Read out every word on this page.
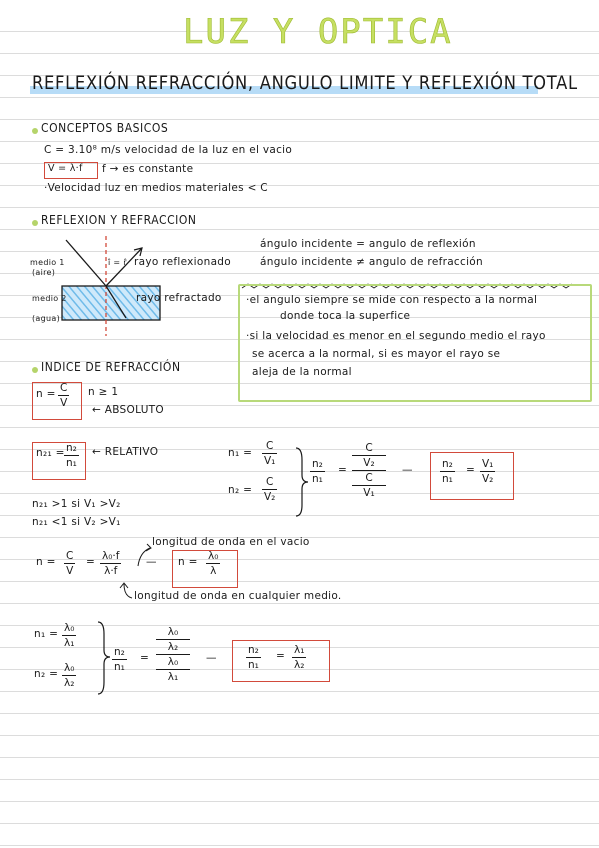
LUZ Y OPTICA
REFLEXIÓN REFRACCIÓN, ANGULO LIMITE Y REFLEXIÓN TOTAL
CONCEPTOS BASICOS
C = 3.10⁸ m/s velocidad de la luz en el vacio
V = λ·f f → es constante
·Velocidad luz en medios materiales < C
REFLEXION Y REFRACCION
medio 1
(aire)
medio 2
(agua)
î = r̂ rayo reflexionado
rayo refractado
ángulo incidente = angulo de reflexión
ángulo incidente ≠ angulo de refracción
·el angulo siempre se mide con respecto a la normal
donde toca la superfice
·si la velocidad es menor en el segundo medio el rayo
se acerca a la normal, si es mayor el rayo se
aleja de la normal
INDICE DE REFRACCIÓN
n = C
V
n ≥ 1
← ABSOLUTO
n₂₁ = n₂
n₁
← RELATIVO	n₁ =
C
V₁
n₂ =
C
V₂
n₂
n₁
=
C
V₂
C
V₁
—	n₂
n₁
= V₁
V₂
n₂₁ >1 si V₁ >V₂
n₂₁ <1 si V₂ >V₁
longitud de onda en el vacio
n = C
V
= λ₀·f
λ·f
— n = λ₀
λ
longitud de onda en cualquier medio.
n₁ = λ₀
λ₁
n₂ = λ₀
λ₂
n₂
n₁
=
λ₀
λ₂
λ₀
λ₁
—
n₂
n₁
= λ₁
λ₂
